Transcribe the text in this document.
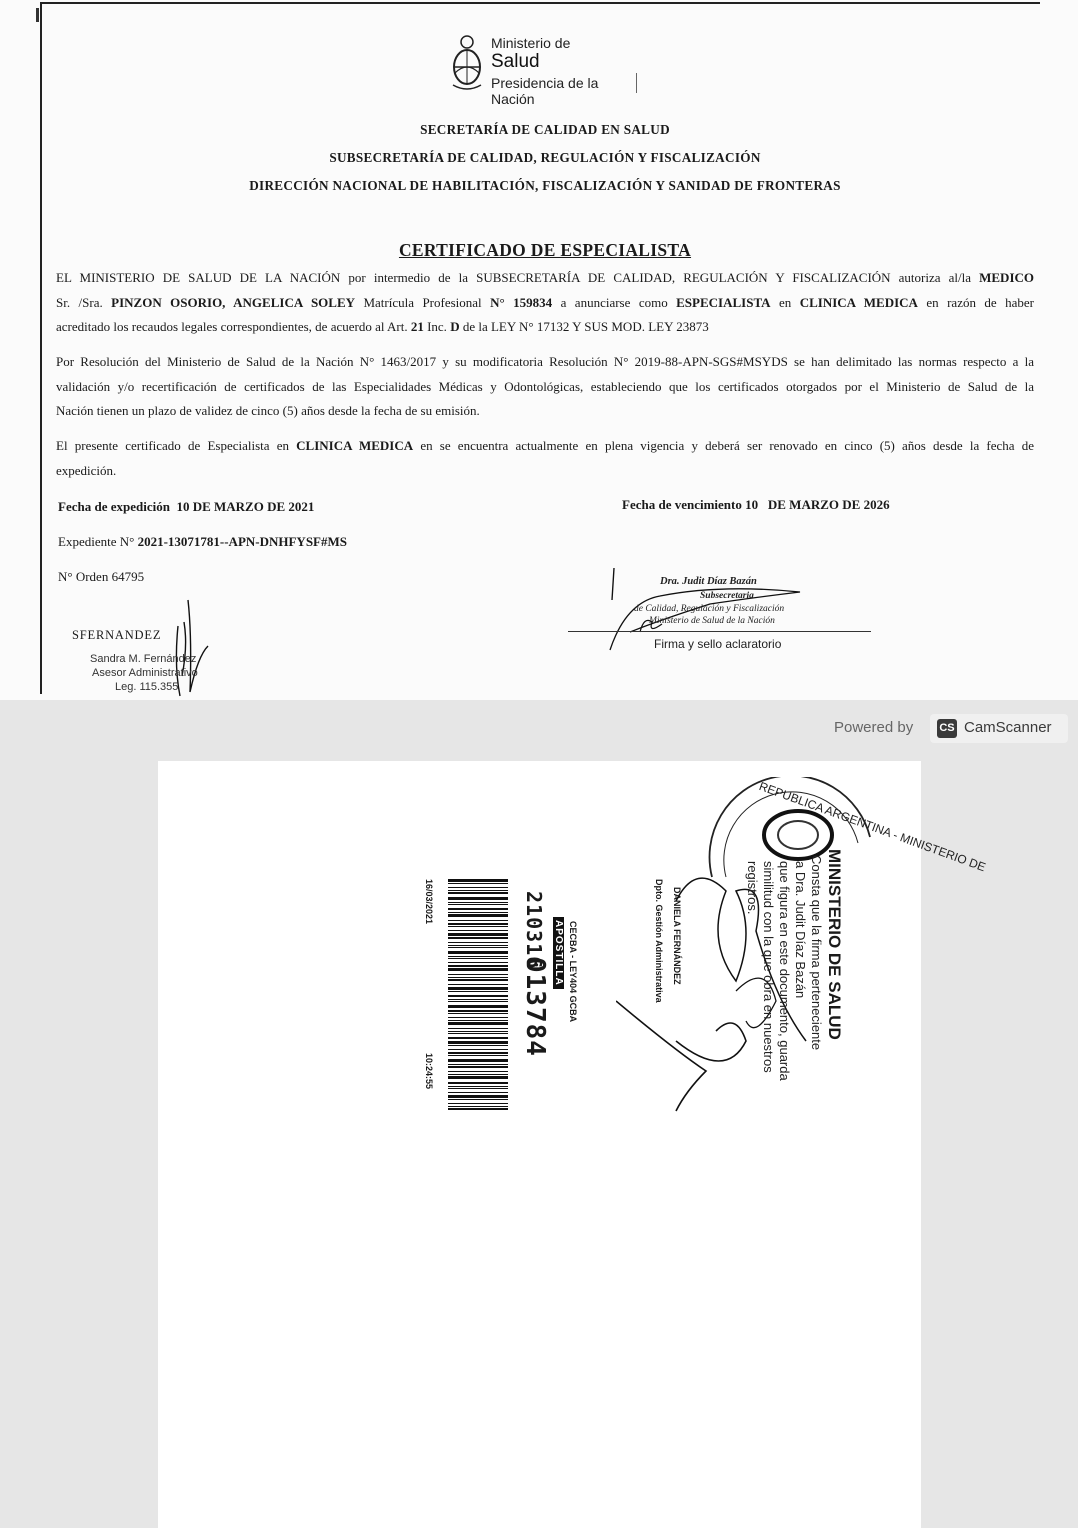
Ministerio de
Salud
Presidencia de la Nación
SECRETARÍA DE CALIDAD EN SALUD
SUBSECRETARÍA DE CALIDAD, REGULACIÓN Y FISCALIZACIÓN
DIRECCIÓN NACIONAL DE HABILITACIÓN, FISCALIZACIÓN Y SANIDAD DE FRONTERAS
CERTIFICADO DE ESPECIALISTA
EL MINISTERIO DE SALUD DE LA NACIÓN por intermedio de la SUBSECRETARÍA DE CALIDAD, REGULACIÓN Y FISCALIZACIÓN autoriza al/la MEDICO
Sr. /Sra. PINZON OSORIO, ANGELICA SOLEY Matrícula Profesional N° 159834 a anunciarse como ESPECIALISTA en CLINICA MEDICA en razón de haber
acreditado los recaudos legales correspondientes, de acuerdo al Art. 21 Inc. D de la LEY N° 17132 Y SUS MOD. LEY 23873
Por Resolución del Ministerio de Salud de la Nación N° 1463/2017 y su modificatoria Resolución N° 2019-88-APN-SGS#MSYDS se han delimitado las normas respecto a la
validación y/o recertificación de certificados de las Especialidades Médicas y Odontológicas, estableciendo que los certificados otorgados por el Ministerio de Salud de la
Nación tienen un plazo de validez de cinco (5) años desde la fecha de su emisión.
El presente certificado de Especialista en CLINICA MEDICA en se encuentra actualmente en plena vigencia y deberá ser renovado en cinco (5) años desde la fecha de
expedición.
Fecha de expedición 10 DE MARZO DE 2021	Fecha de vencimiento 10 DE MARZO DE 2026
Expediente N° 2021-13071781--APN-DNHFYSF#MS
N° Orden 64795	Dra. Judit Díaz Bazán
Subsecretaria
de Calidad, Regulación y Fiscalización
Ministerio de Salud de la Nación
Firma y sello aclaratorio
SFERNANDEZ
Sandra M. Fernández
Asesor Administrativo
Leg. 115.355
Powered by CS CamScanner
16/03/2021
10:24:55
210316
013784
APOSTILLA CECBA - LEY404 GCBA	DANIELA FERNÁNDEZ
Dpto. Gestión Administrativa
REPUBLICA ARGENTINA - MINISTERIO DE
MINISTERIO DE SALUD
Consta que la firma perteneciente
a Dra. Judit Díaz Bazán
que figura en este documento, guarda
similitud con la que obra en nuestros
registros.
